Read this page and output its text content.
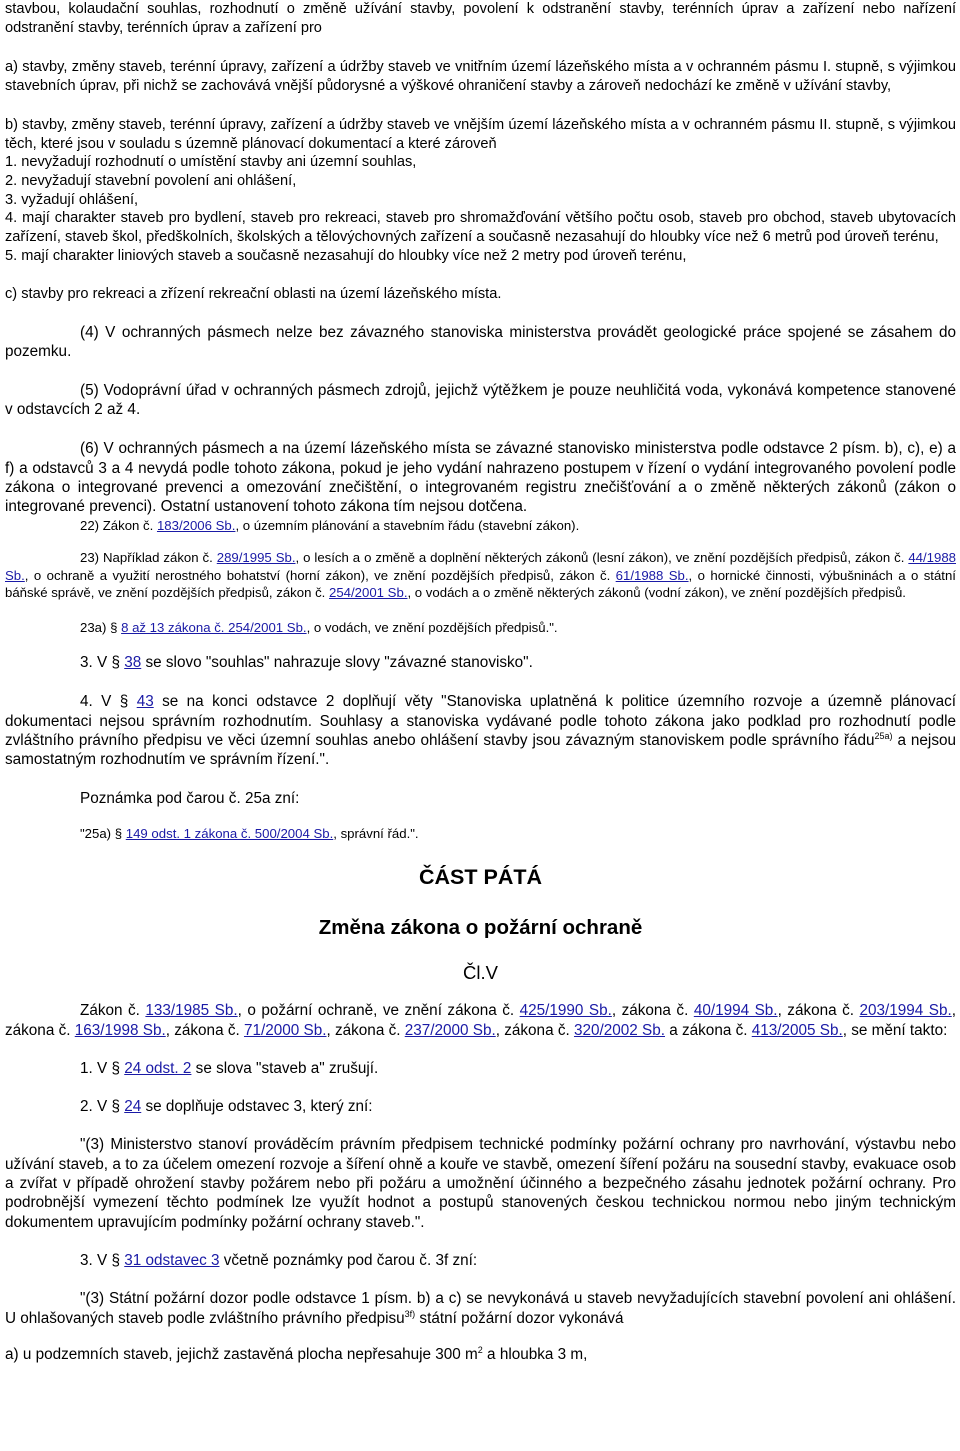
stavbou, kolaudační souhlas, rozhodnutí o změně užívání stavby, povolení k odstranění stavby, terénních úprav a zařízení nebo nařízení odstranění stavby, terénních úprav a zařízení pro

a) stavby, změny staveb, terénní úpravy, zařízení a údržby staveb ve vnitřním území lázeňského místa a v ochranném pásmu I. stupně, s výjimkou stavebních úprav, při nichž se zachovává vnější půdorysné a výškové ohraničení stavby a zároveň nedochází ke změně v užívání stavby,

b) stavby, změny staveb, terénní úpravy, zařízení a údržby staveb ve vnějším území lázeňského místa a v ochranném pásmu II. stupně, s výjimkou těch, které jsou v souladu s územně plánovací dokumentací a které zároveň

1. nevyžadují rozhodnutí o umístění stavby ani územní souhlas,

2. nevyžadují stavební povolení ani ohlášení,

3. vyžadují ohlášení,

4. mají charakter staveb pro bydlení, staveb pro rekreaci, staveb pro shromažďování většího počtu osob, staveb pro obchod, staveb ubytovacích zařízení, staveb škol, předškolních, školských a tělovýchovných zařízení a současně nezasahují do hloubky více než 6 metrů pod úroveň terénu,

5. mají charakter liniových staveb a současně nezasahují do hloubky více než 2 metry pod úroveň terénu,

c) stavby pro rekreaci a zřízení rekreační oblasti na území lázeňského místa.

(4) V ochranných pásmech nelze bez závazného stanoviska ministerstva provádět geologické práce spojené se zásahem do pozemku.

(5) Vodoprávní úřad v ochranných pásmech zdrojů, jejichž výtěžkem je pouze neuhličitá voda, vykonává kompetence stanovené v odstavcích 2 až 4.

(6) V ochranných pásmech a na území lázeňského místa se závazné stanovisko ministerstva podle odstavce 2 písm. b), c), e) a f) a odstavců 3 a 4 nevydá podle tohoto zákona, pokud je jeho vydání nahrazeno postupem v řízení o vydání integrovaného povolení podle zákona o integrované prevenci a omezování znečištění, o integrovaném registru znečišťování a o změně některých zákonů (zákon o integrované prevenci). Ostatní ustanovení tohoto zákona tím nejsou dotčena.

22) Zákon č. 183/2006 Sb., o územním plánování a stavebním řádu (stavební zákon).

23) Například zákon č. 289/1995 Sb., o lesích a o změně a doplnění některých zákonů (lesní zákon), ve znění pozdějších předpisů, zákon č. 44/1988 Sb., o ochraně a využití nerostného bohatství (horní zákon), ve znění pozdějších předpisů, zákon č. 61/1988 Sb., o hornické činnosti, výbušninách a o státní báňské správě, ve znění pozdějších předpisů, zákon č. 254/2001 Sb., o vodách a o změně některých zákonů (vodní zákon), ve znění pozdějších předpisů.

23a) § 8 až 13 zákona č. 254/2001 Sb., o vodách, ve znění pozdějších předpisů.".

3. V § 38 se slovo "souhlas" nahrazuje slovy "závazné stanovisko".

4. V § 43 se na konci odstavce 2 doplňují věty "Stanoviska uplatněná k politice územního rozvoje a územně plánovací dokumentaci nejsou správním rozhodnutím. Souhlasy a stanoviska vydávané podle tohoto zákona jako podklad pro rozhodnutí podle zvláštního právního předpisu ve věci územní souhlas anebo ohlášení stavby jsou závazným stanoviskem podle správního řádu$^{25a)}$ a nejsou samostatným rozhodnutím ve správním řízení.".

Poznámka pod čarou č. 25a zní:

"25a) § 149 odst. 1 zákona č. 500/2004 Sb., správní řád.".

ČÁST PÁTÁ

Změna zákona o požární ochraně

Čl.V

Zákon č. 133/1985 Sb., o požární ochraně, ve znění zákona č. 425/1990 Sb., zákona č. 40/1994 Sb., zákona č. 203/1994 Sb., zákona č. 163/1998 Sb., zákona č. 71/2000 Sb., zákona č. 237/2000 Sb., zákona č. 320/2002 Sb. a zákona č. 413/2005 Sb., se mění takto:

1. V § 24 odst. 2 se slova "staveb a" zrušují.

2. V § 24 se doplňuje odstavec 3, který zní:

"(3) Ministerstvo stanoví prováděcím právním předpisem technické podmínky požární ochrany pro navrhování, výstavbu nebo užívání staveb, a to za účelem omezení rozvoje a šíření ohně a kouře ve stavbě, omezení šíření požáru na sousední stavby, evakuace osob a zvířat v případě ohrožení stavby požárem nebo při požáru a umožnění účinného a bezpečného zásahu jednotek požární ochrany. Pro podrobnější vymezení těchto podmínek lze využít hodnot a postupů stanovených českou technickou normou nebo jiným technickým dokumentem upravujícím podmínky požární ochrany staveb.".

3. V § 31 odstavec 3 včetně poznámky pod čarou č. 3f zní:

"(3) Státní požární dozor podle odstavce 1 písm. b) a c) se nevykonává u staveb nevyžadujících stavební povolení ani ohlášení. U ohlašovaných staveb podle zvláštního právního předpisu$^{3f)}$ státní požární dozor vykonává

a) u podzemních staveb, jejichž zastavěná plocha nepřesahuje 300 $m^2$ a hloubka 3 m,
